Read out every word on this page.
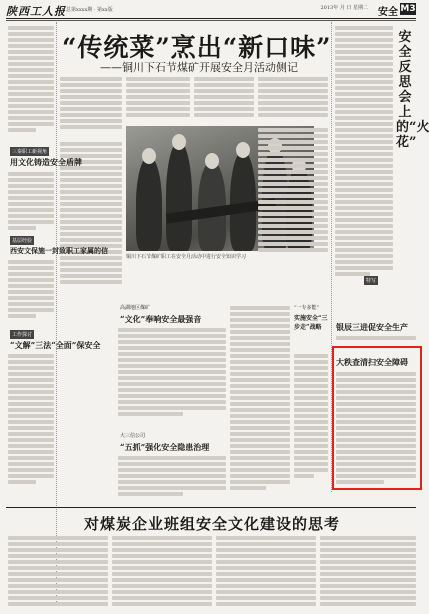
陕西工人报 总第xxxx期 · 第xx版	2013年 月 日 星期二 安全 M3
“传统菜”烹出“新口味”
——铜川下石节煤矿开展安全月活动侧记
铜川下石节煤矿职工在安全月活动中进行安全知识学习
安全反思会上的“火花”
特写
银辰三进促安全生产
大秩查清扫安全障碍
三秦职工新视角
用文化铸造安全盾牌
基层经验
西安文保施一封致职工家属的信
工作探讨
“文解”三法“全面”保安全
高湖地区煤矿
“文化”奉响安全最强音
大三信公司
“五抓”强化安全隐患治理
“一专多能”
实施安全“三步走”战略
对煤炭企业班组安全文化建设的思考
